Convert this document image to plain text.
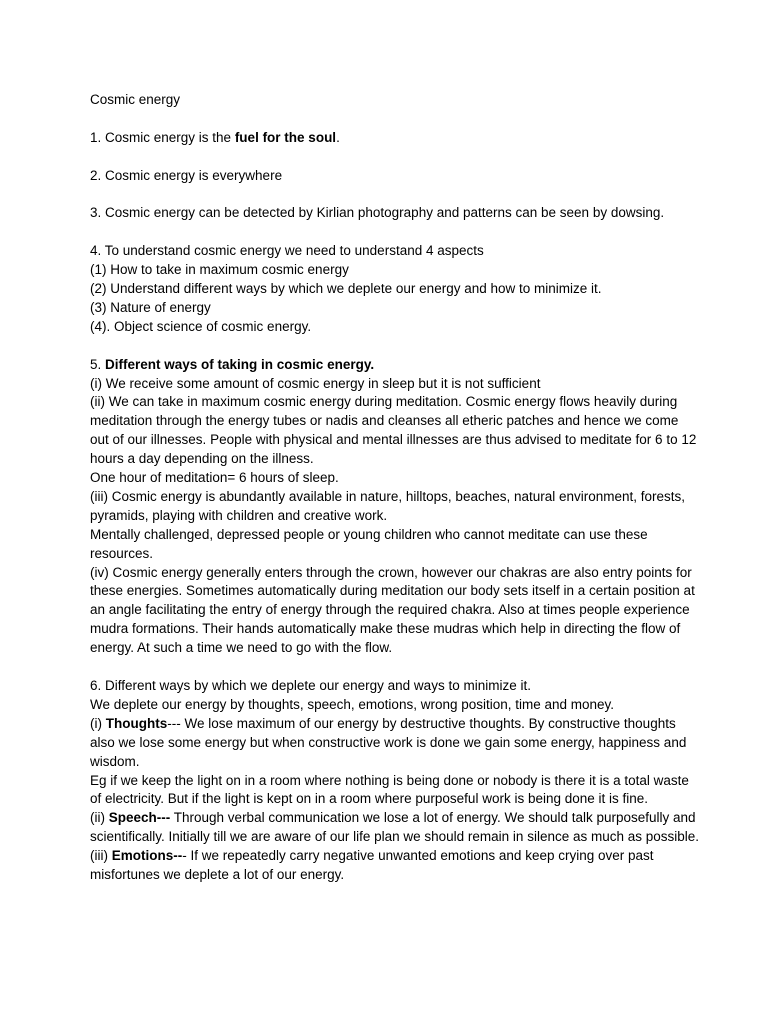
Cosmic energy

1. Cosmic energy is the fuel for the soul.

2. Cosmic energy is everywhere

3. Cosmic energy can be detected by Kirlian photography and patterns can be seen by dowsing.

4. To understand cosmic energy we need to understand 4 aspects

(1) How to take in maximum cosmic energy

(2) Understand different ways by which we deplete our energy and how to minimize it.

(3) Nature of energy

(4). Object science of cosmic energy.

5. Different ways of taking in cosmic energy.

(i) We receive some amount of cosmic energy in sleep but it is not sufficient

(ii) We can take in maximum cosmic energy during meditation. Cosmic energy flows heavily during meditation through the energy tubes or nadis and cleanses all etheric patches and hence we come out of our illnesses. People with physical and mental illnesses are thus advised to meditate for 6 to 12 hours a day depending on the illness.

One hour of meditation= 6 hours of sleep.

(iii) Cosmic energy is abundantly available in nature, hilltops, beaches, natural environment, forests, pyramids, playing with children and creative work.

Mentally challenged, depressed people or young children who cannot meditate can use these resources.

(iv) Cosmic energy generally enters through the crown, however our chakras are also entry points for these energies. Sometimes automatically during meditation our body sets itself in a certain position at an angle facilitating the entry of energy through the required chakra. Also at times people experience mudra formations. Their hands automatically make these mudras which help in directing the flow of energy. At such a time we need to go with the flow.

6. Different ways by which we deplete our energy and ways to minimize it.

We deplete our energy by thoughts, speech, emotions, wrong position, time and money.

(i) Thoughts--- We lose maximum of our energy by destructive thoughts. By constructive thoughts also we lose some energy but when constructive work is done we gain some energy, happiness and wisdom.

Eg if we keep the light on in a room where nothing is being done or nobody is there it is a total waste of electricity. But if the light is kept on in a room where purposeful work is being done it is fine.

(ii) Speech--- Through verbal communication we lose a lot of energy. We should talk purposefully and scientifically. Initially till we are aware of our life plan we should remain in silence as much as possible.

(iii) Emotions--- If we repeatedly carry negative unwanted emotions and keep crying over past misfortunes we deplete a lot of our energy.
